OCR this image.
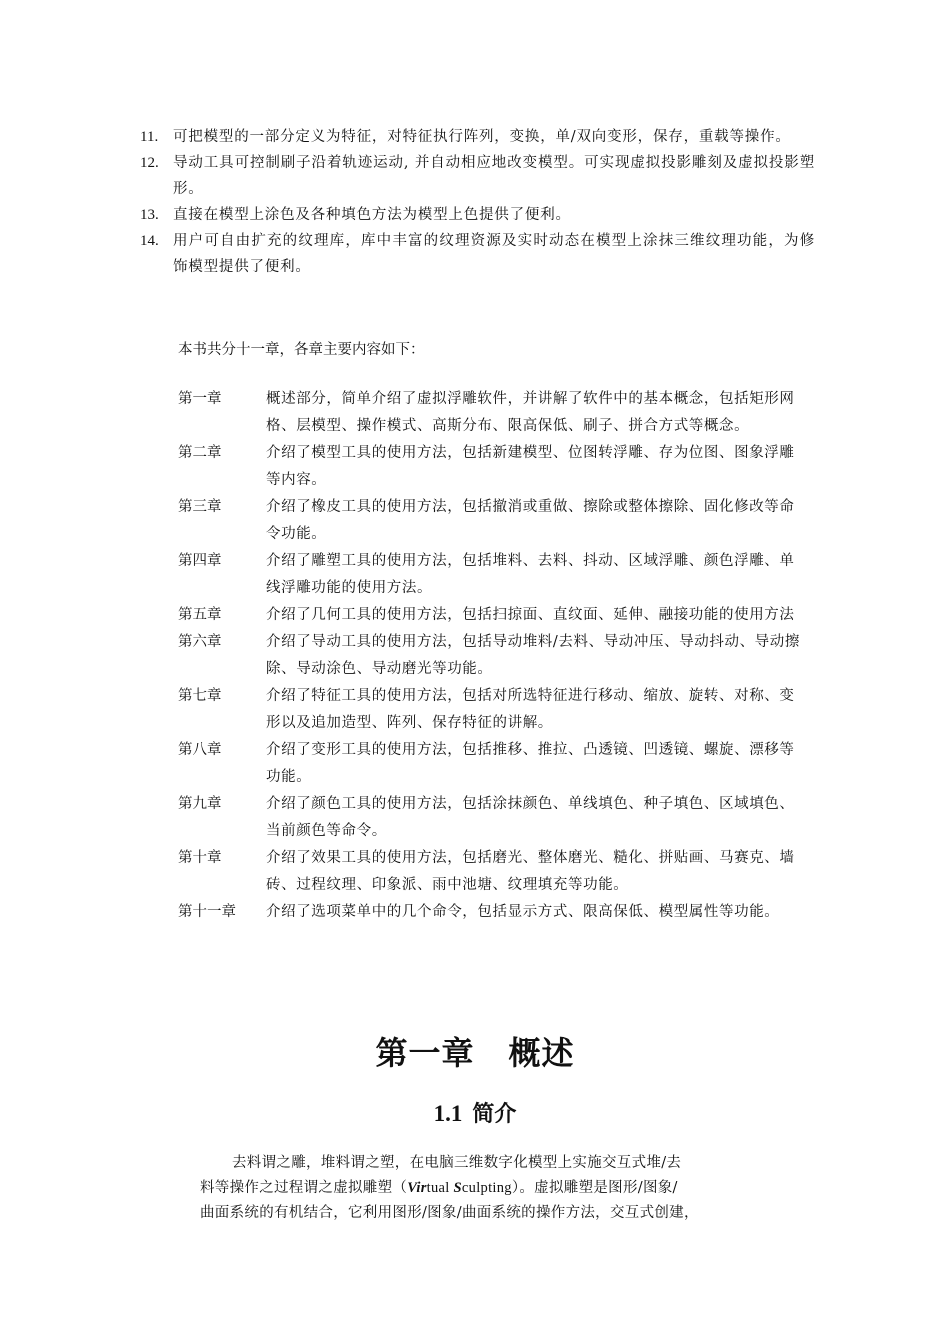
11. 可把模型的一部分定义为特征，对特征执行阵列，变换，单/双向变形，保存，重载等操作。
12. 导动工具可控制刷子沿着轨迹运动, 并自动相应地改变模型。可实现虚拟投影雕刻及虚拟投影塑形。
13. 直接在模型上涂色及各种填色方法为模型上色提供了便利。
14. 用户可自由扩充的纹理库，库中丰富的纹理资源及实时动态在模型上涂抹三维纹理功能，为修饰模型提供了便利。
本书共分十一章，各章主要内容如下：
第一章	概述部分，简单介绍了虚拟浮雕软件，并讲解了软件中的基本概念，包括矩形网格、层模型、操作模式、高斯分布、限高保低、刷子、拼合方式等概念。
第二章	介绍了模型工具的使用方法，包括新建模型、位图转浮雕、存为位图、图象浮雕等内容。
第三章	介绍了橡皮工具的使用方法，包括撤消或重做、擦除或整体擦除、固化修改等命令功能。
第四章	介绍了雕塑工具的使用方法，包括堆料、去料、抖动、区域浮雕、颜色浮雕、单线浮雕功能的使用方法。
第五章	介绍了几何工具的使用方法，包括扫掠面、直纹面、延伸、融接功能的使用方法
第六章	介绍了导动工具的使用方法，包括导动堆料/去料、导动冲压、导动抖动、导动擦除、导动涂色、导动磨光等功能。
第七章	介绍了特征工具的使用方法，包括对所选特征进行移动、缩放、旋转、对称、变形以及追加造型、阵列、保存特征的讲解。
第八章	介绍了变形工具的使用方法，包括推移、推拉、凸透镜、凹透镜、螺旋、漂移等功能。
第九章	介绍了颜色工具的使用方法，包括涂抹颜色、单线填色、种子填色、区域填色、当前颜色等命令。
第十章	介绍了效果工具的使用方法，包括磨光、整体磨光、糙化、拼贴画、马赛克、墙砖、过程纹理、印象派、雨中池塘、纹理填充等功能。
第十一章 介绍了选项菜单中的几个命令，包括显示方式、限高保低、模型属性等功能。
第一章 概述
1.1 简介
去料谓之雕，堆料谓之塑，在电脑三维数字化模型上实施交互式堆/去
料等操作之过程谓之虚拟雕塑（Virtual Sculpting）。虚拟雕塑是图形/图象/
曲面系统的有机结合，它利用图形/图象/曲面系统的操作方法，交互式创建，
